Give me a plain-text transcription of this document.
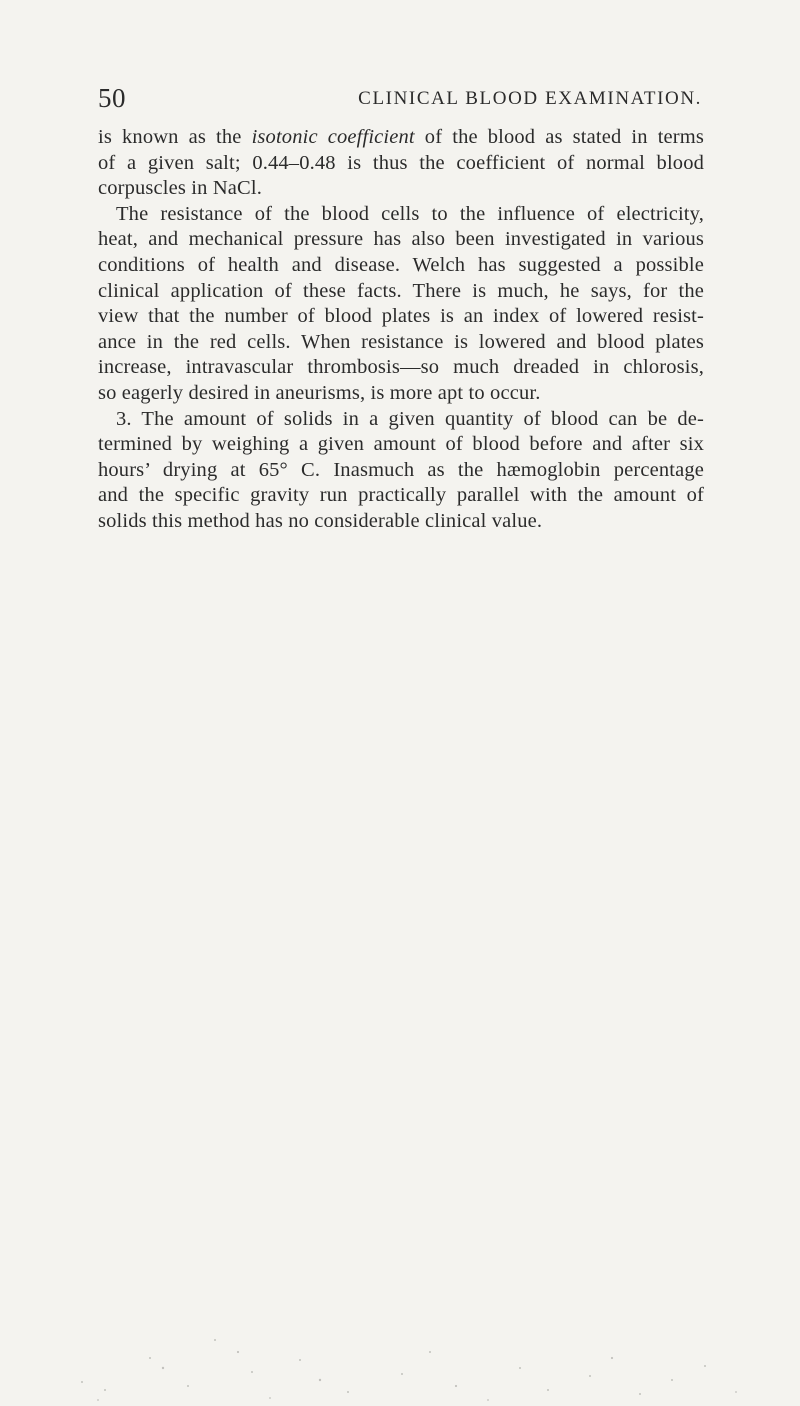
50	CLINICAL BLOOD EXAMINATION.

is known as the isotonic coefficient of the blood as stated in terms
of a given salt; 0.44–0.48 is thus the coefficient of normal blood
corpuscles in NaCl.

The resistance of the blood cells to the influence of electricity,
heat, and mechanical pressure has also been investigated in various
conditions of health and disease. Welch has suggested a possible
clinical application of these facts. There is much, he says, for the
view that the number of blood plates is an index of lowered resist-
ance in the red cells. When resistance is lowered and blood plates
increase, intravascular thrombosis—so much dreaded in chlorosis,
so eagerly desired in aneurisms, is more apt to occur.

3. The amount of solids in a given quantity of blood can be de-
termined by weighing a given amount of blood before and after six
hours’ drying at 65° C. Inasmuch as the hæmoglobin percentage
and the specific gravity run practically parallel with the amount of
solids this method has no considerable clinical value.
